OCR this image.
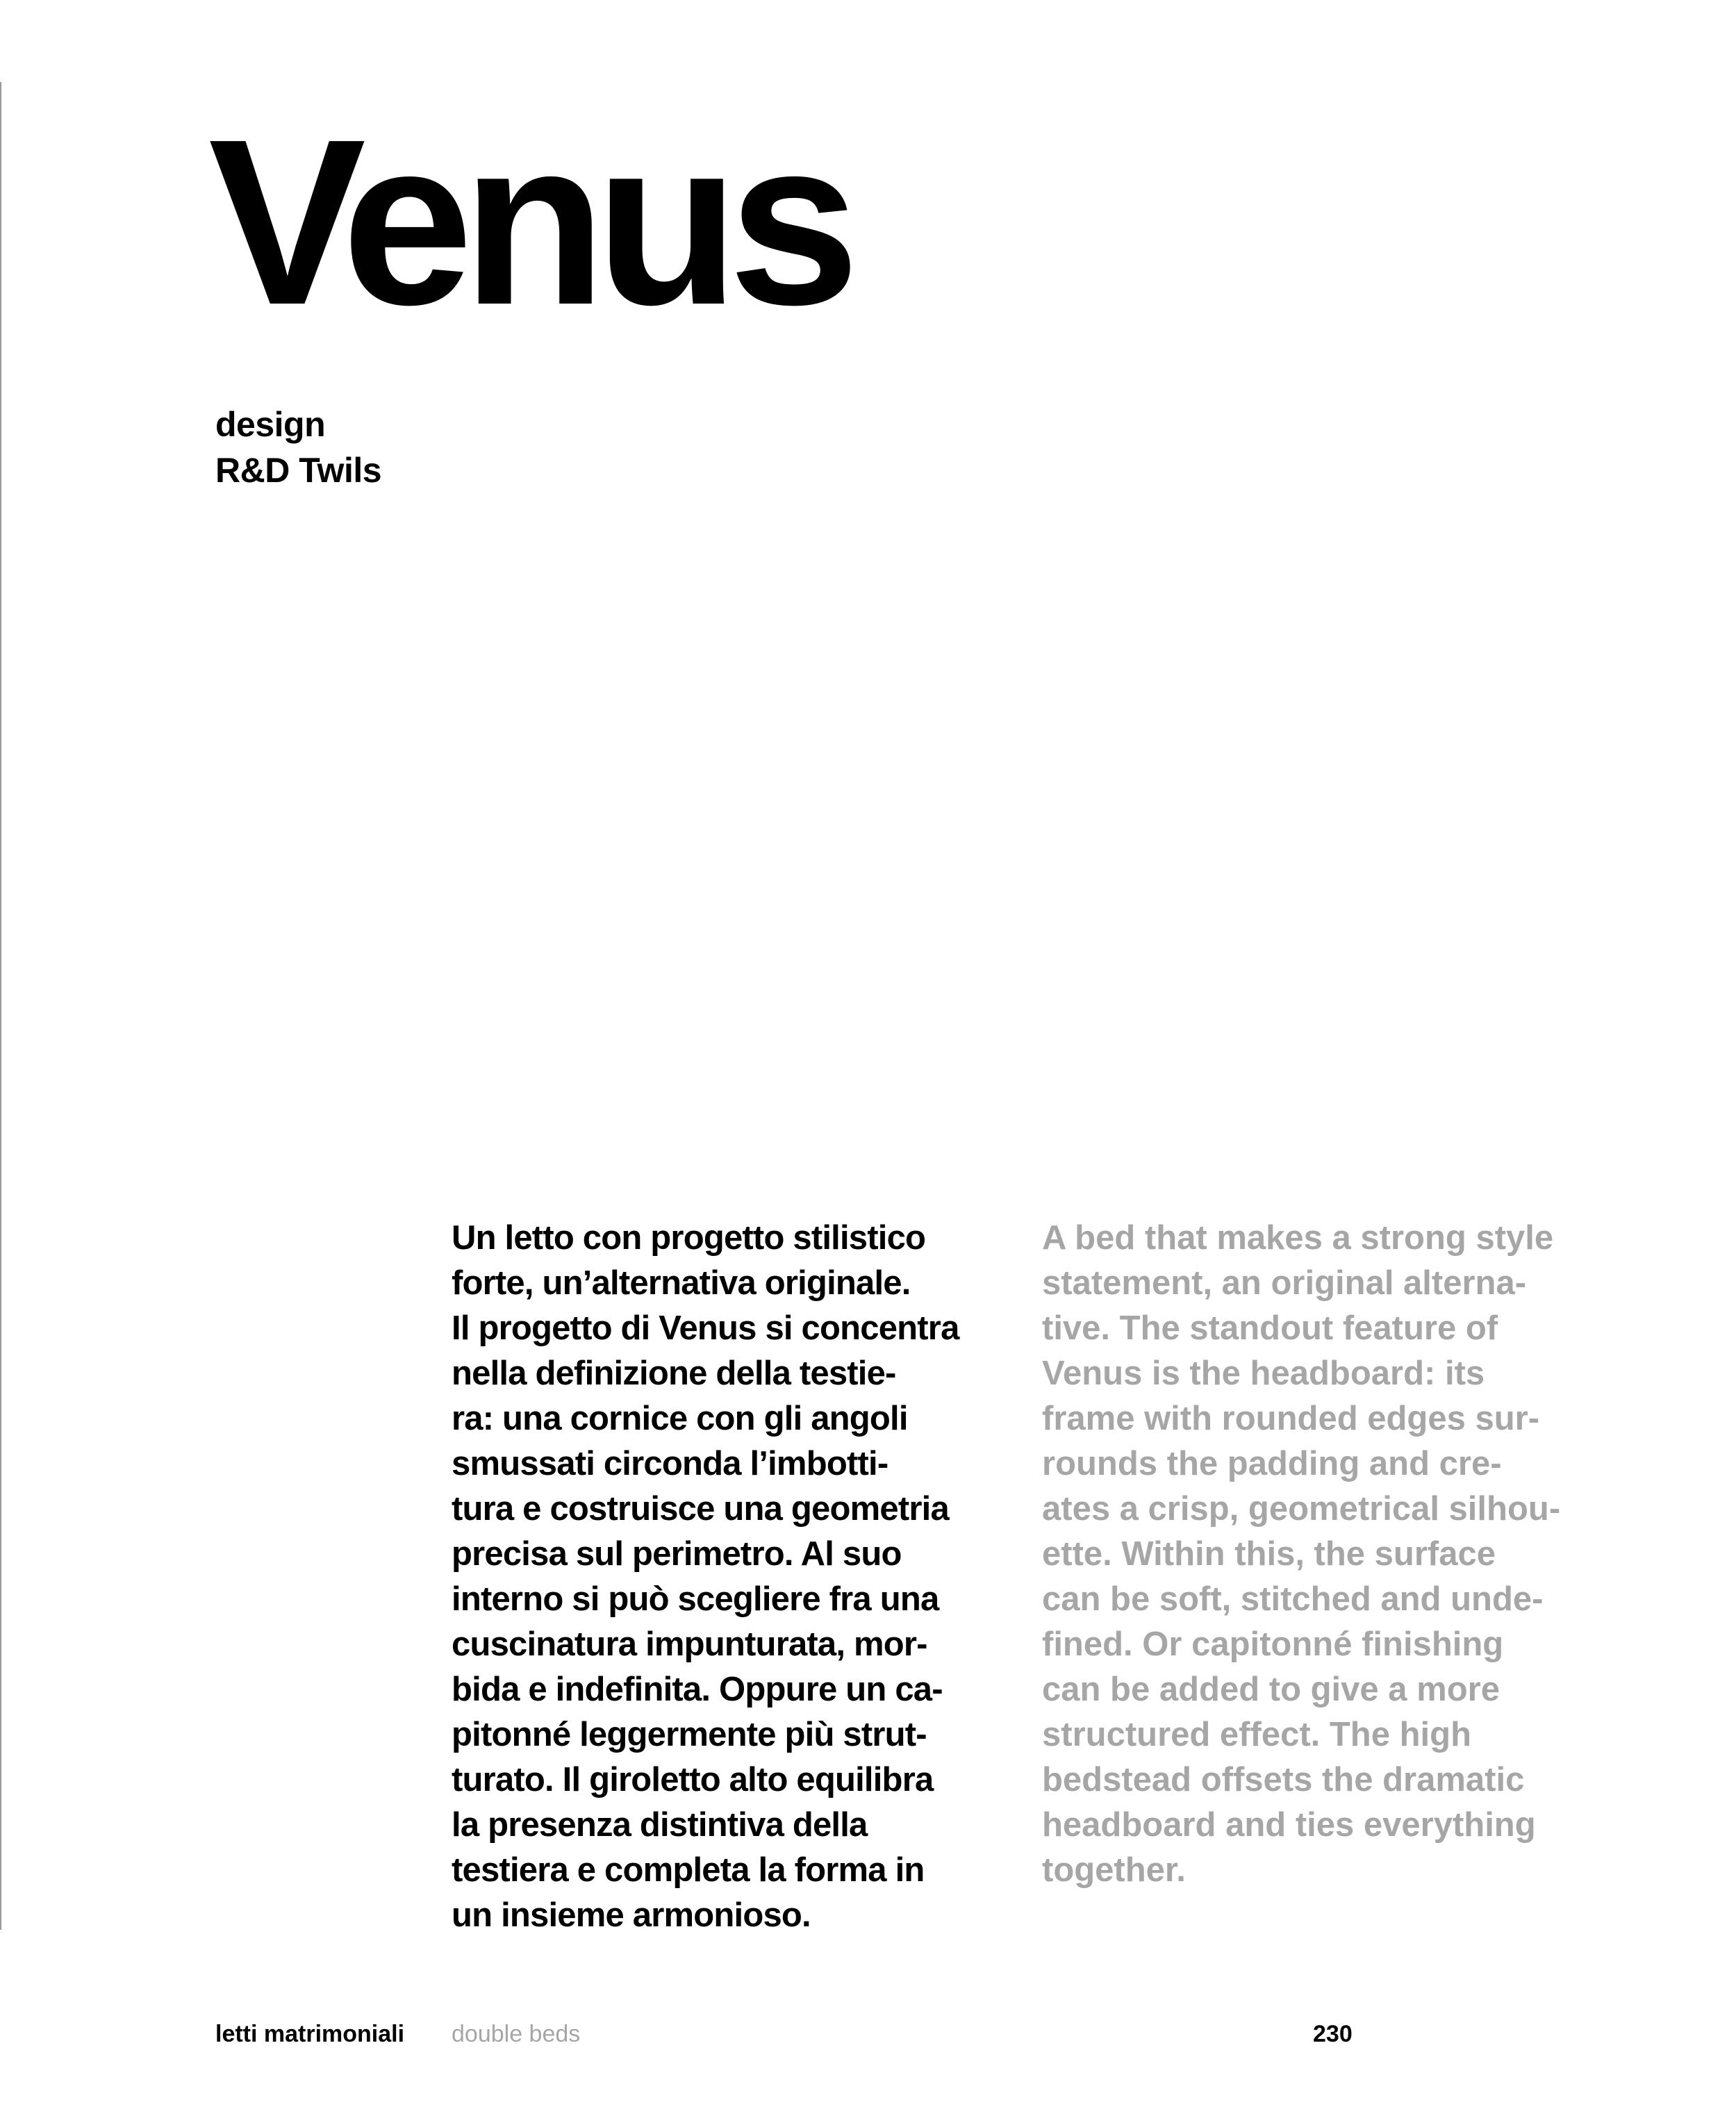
Venus
design
R&D Twils
Un letto con progetto stilistico
forte, un’alternativa originale.
Il progetto di Venus si concentra
nella definizione della testie-
ra: una cornice con gli angoli
smussati circonda l’imbotti-
tura e costruisce una geometria
precisa sul perimetro. Al suo
interno si può scegliere fra una
cuscinatura impunturata, mor-
bida e indefinita. Oppure un ca-
pitonné leggermente più strut-
turato. Il giroletto alto equilibra
la presenza distintiva della
testiera e completa la forma in
un insieme armonioso.
A bed that makes a strong style
statement, an original alterna-
tive. The standout feature of
Venus is the headboard: its
frame with rounded edges sur-
rounds the padding and cre-
ates a crisp, geometrical silhou-
ette. Within this, the surface
can be soft, stitched and unde-
fined. Or capitonné finishing
can be added to give a more
structured effect. The high
bedstead offsets the dramatic
headboard and ties everything
together.
letti matrimoniali double beds	230
